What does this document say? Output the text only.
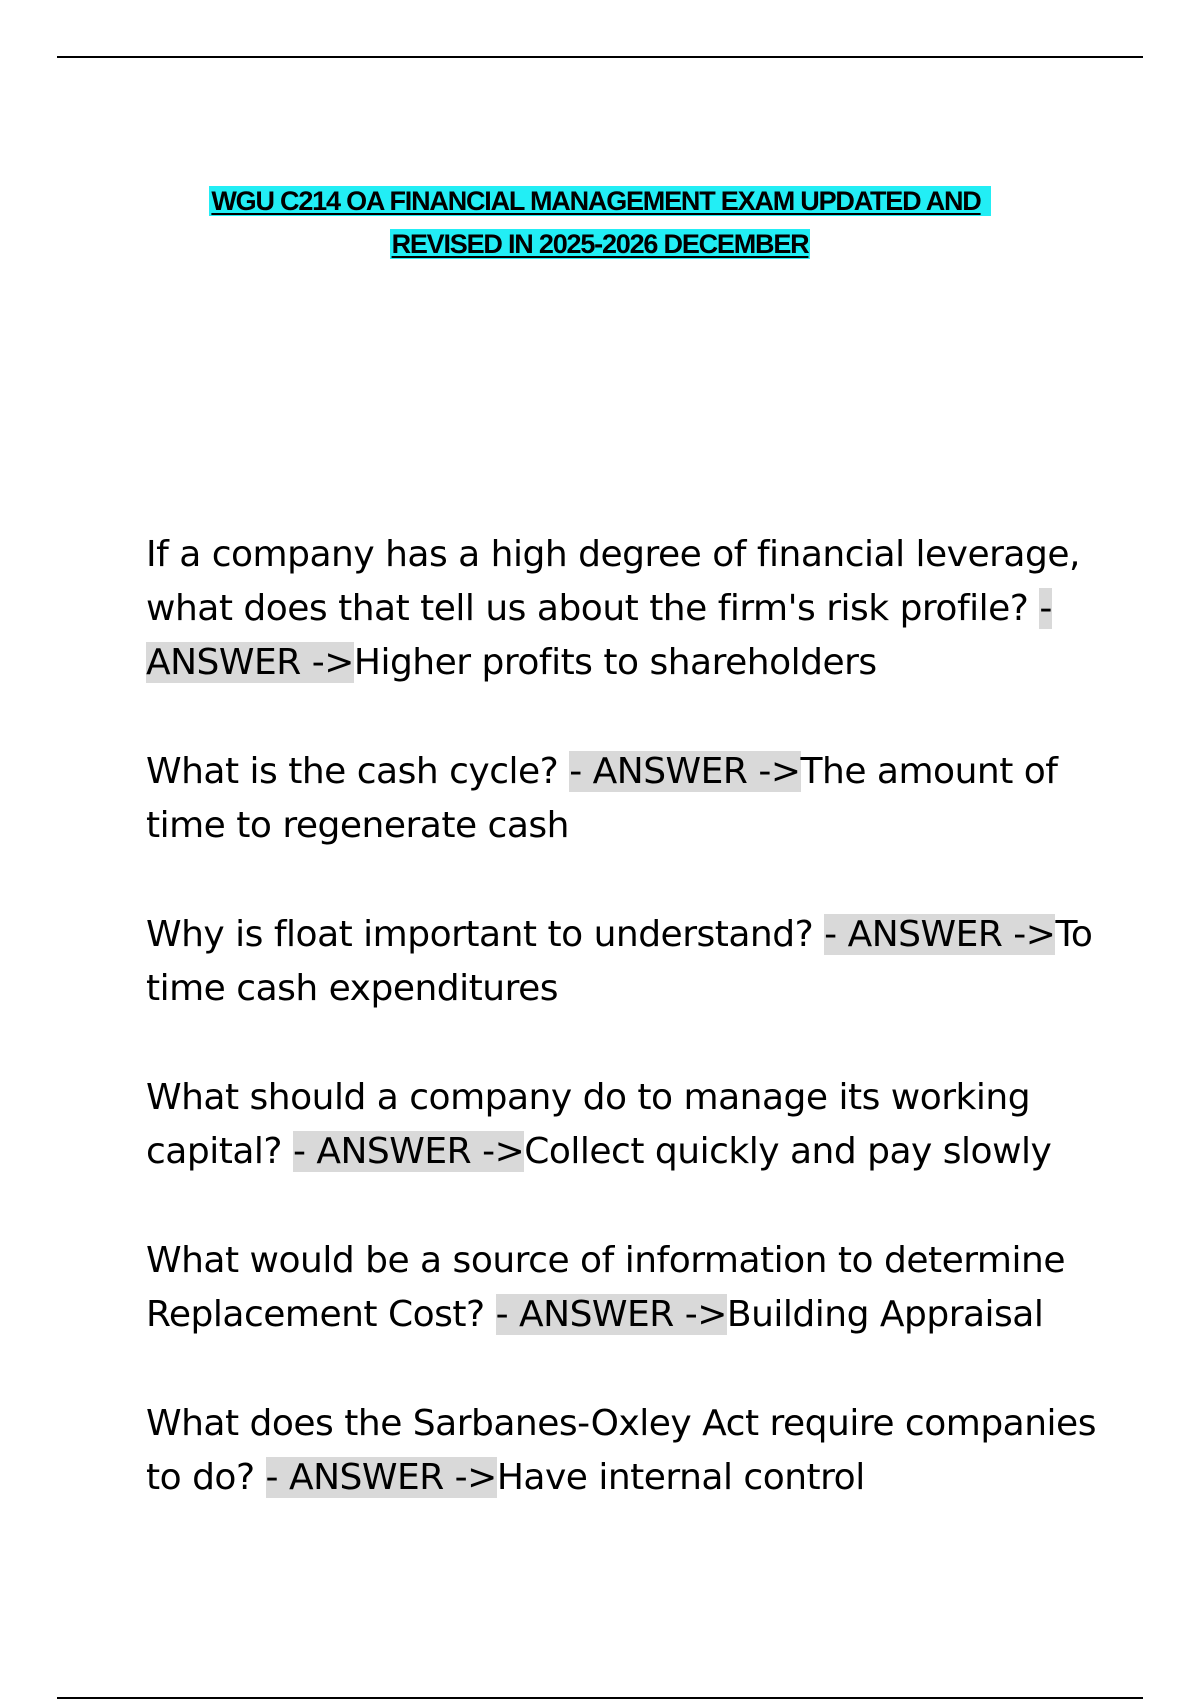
WGU C214 OA FINANCIAL MANAGEMENT EXAM UPDATED AND
REVISED IN 2025-2026 DECEMBER

If a company has a high degree of financial leverage, what does that tell us about the firm's risk profile? - ANSWER ->Higher profits to shareholders

What is the cash cycle? - ANSWER ->The amount of time to regenerate cash

Why is float important to understand? - ANSWER ->To time cash expenditures

What should a company do to manage its working capital? - ANSWER ->Collect quickly and pay slowly

What would be a source of information to determine Replacement Cost? - ANSWER ->Building Appraisal

What does the Sarbanes-Oxley Act require companies to do? - ANSWER ->Have internal control
